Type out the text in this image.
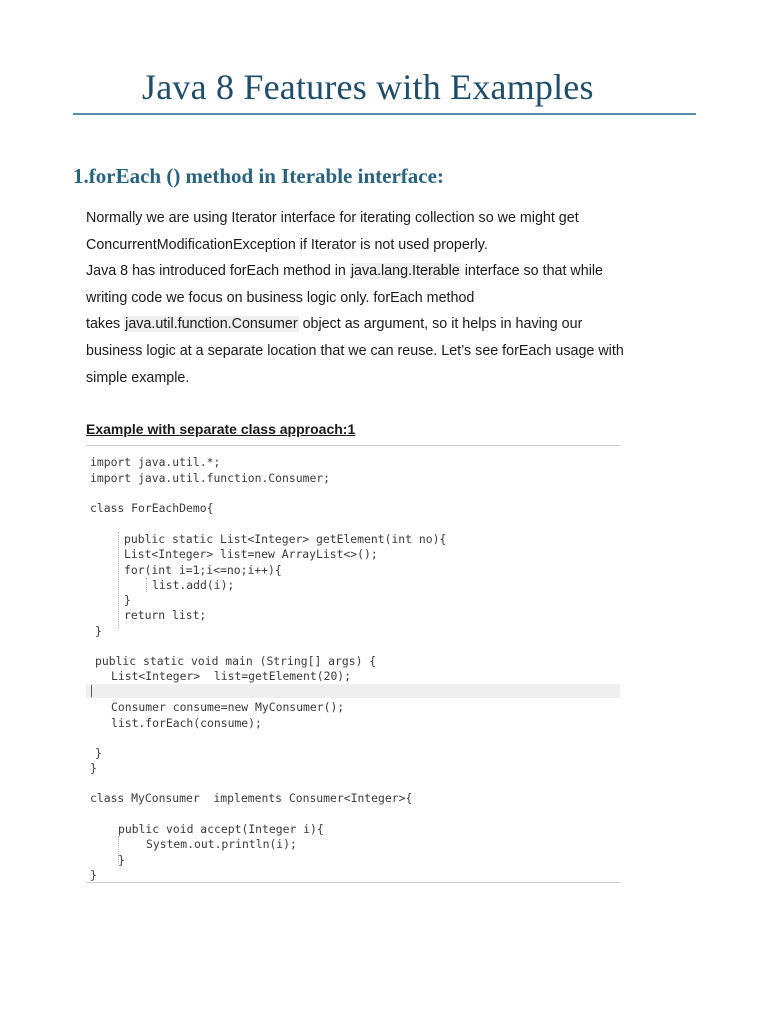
Java 8 Features with Examples
1.forEach () method in Iterable interface:
Normally we are using Iterator interface for iterating collection so we might get
ConcurrentModificationException if Iterator is not used properly.
Java 8 has introduced forEach method in java.lang.Iterable interface so that while
writing code we focus on business logic only. forEach method
takes java.util.function.Consumer object as argument, so it helps in having our
business logic at a separate location that we can reuse. Let’s see forEach usage with
simple example.
Example with separate class approach:1
import java.util.*;
import java.util.function.Consumer;
class ForEachDemo{
public static List<Integer> getElement(int no){
List<Integer> list=new ArrayList<>();
for(int i=1;i<=no;i++){
list.add(i);
}
return list;
}
public static void main (String[] args) {
List<Integer>  list=getElement(20);
Consumer consume=new MyConsumer();
list.forEach(consume);
}
}
class MyConsumer  implements Consumer<Integer>{
public void accept(Integer i){
System.out.println(i);
}
}
